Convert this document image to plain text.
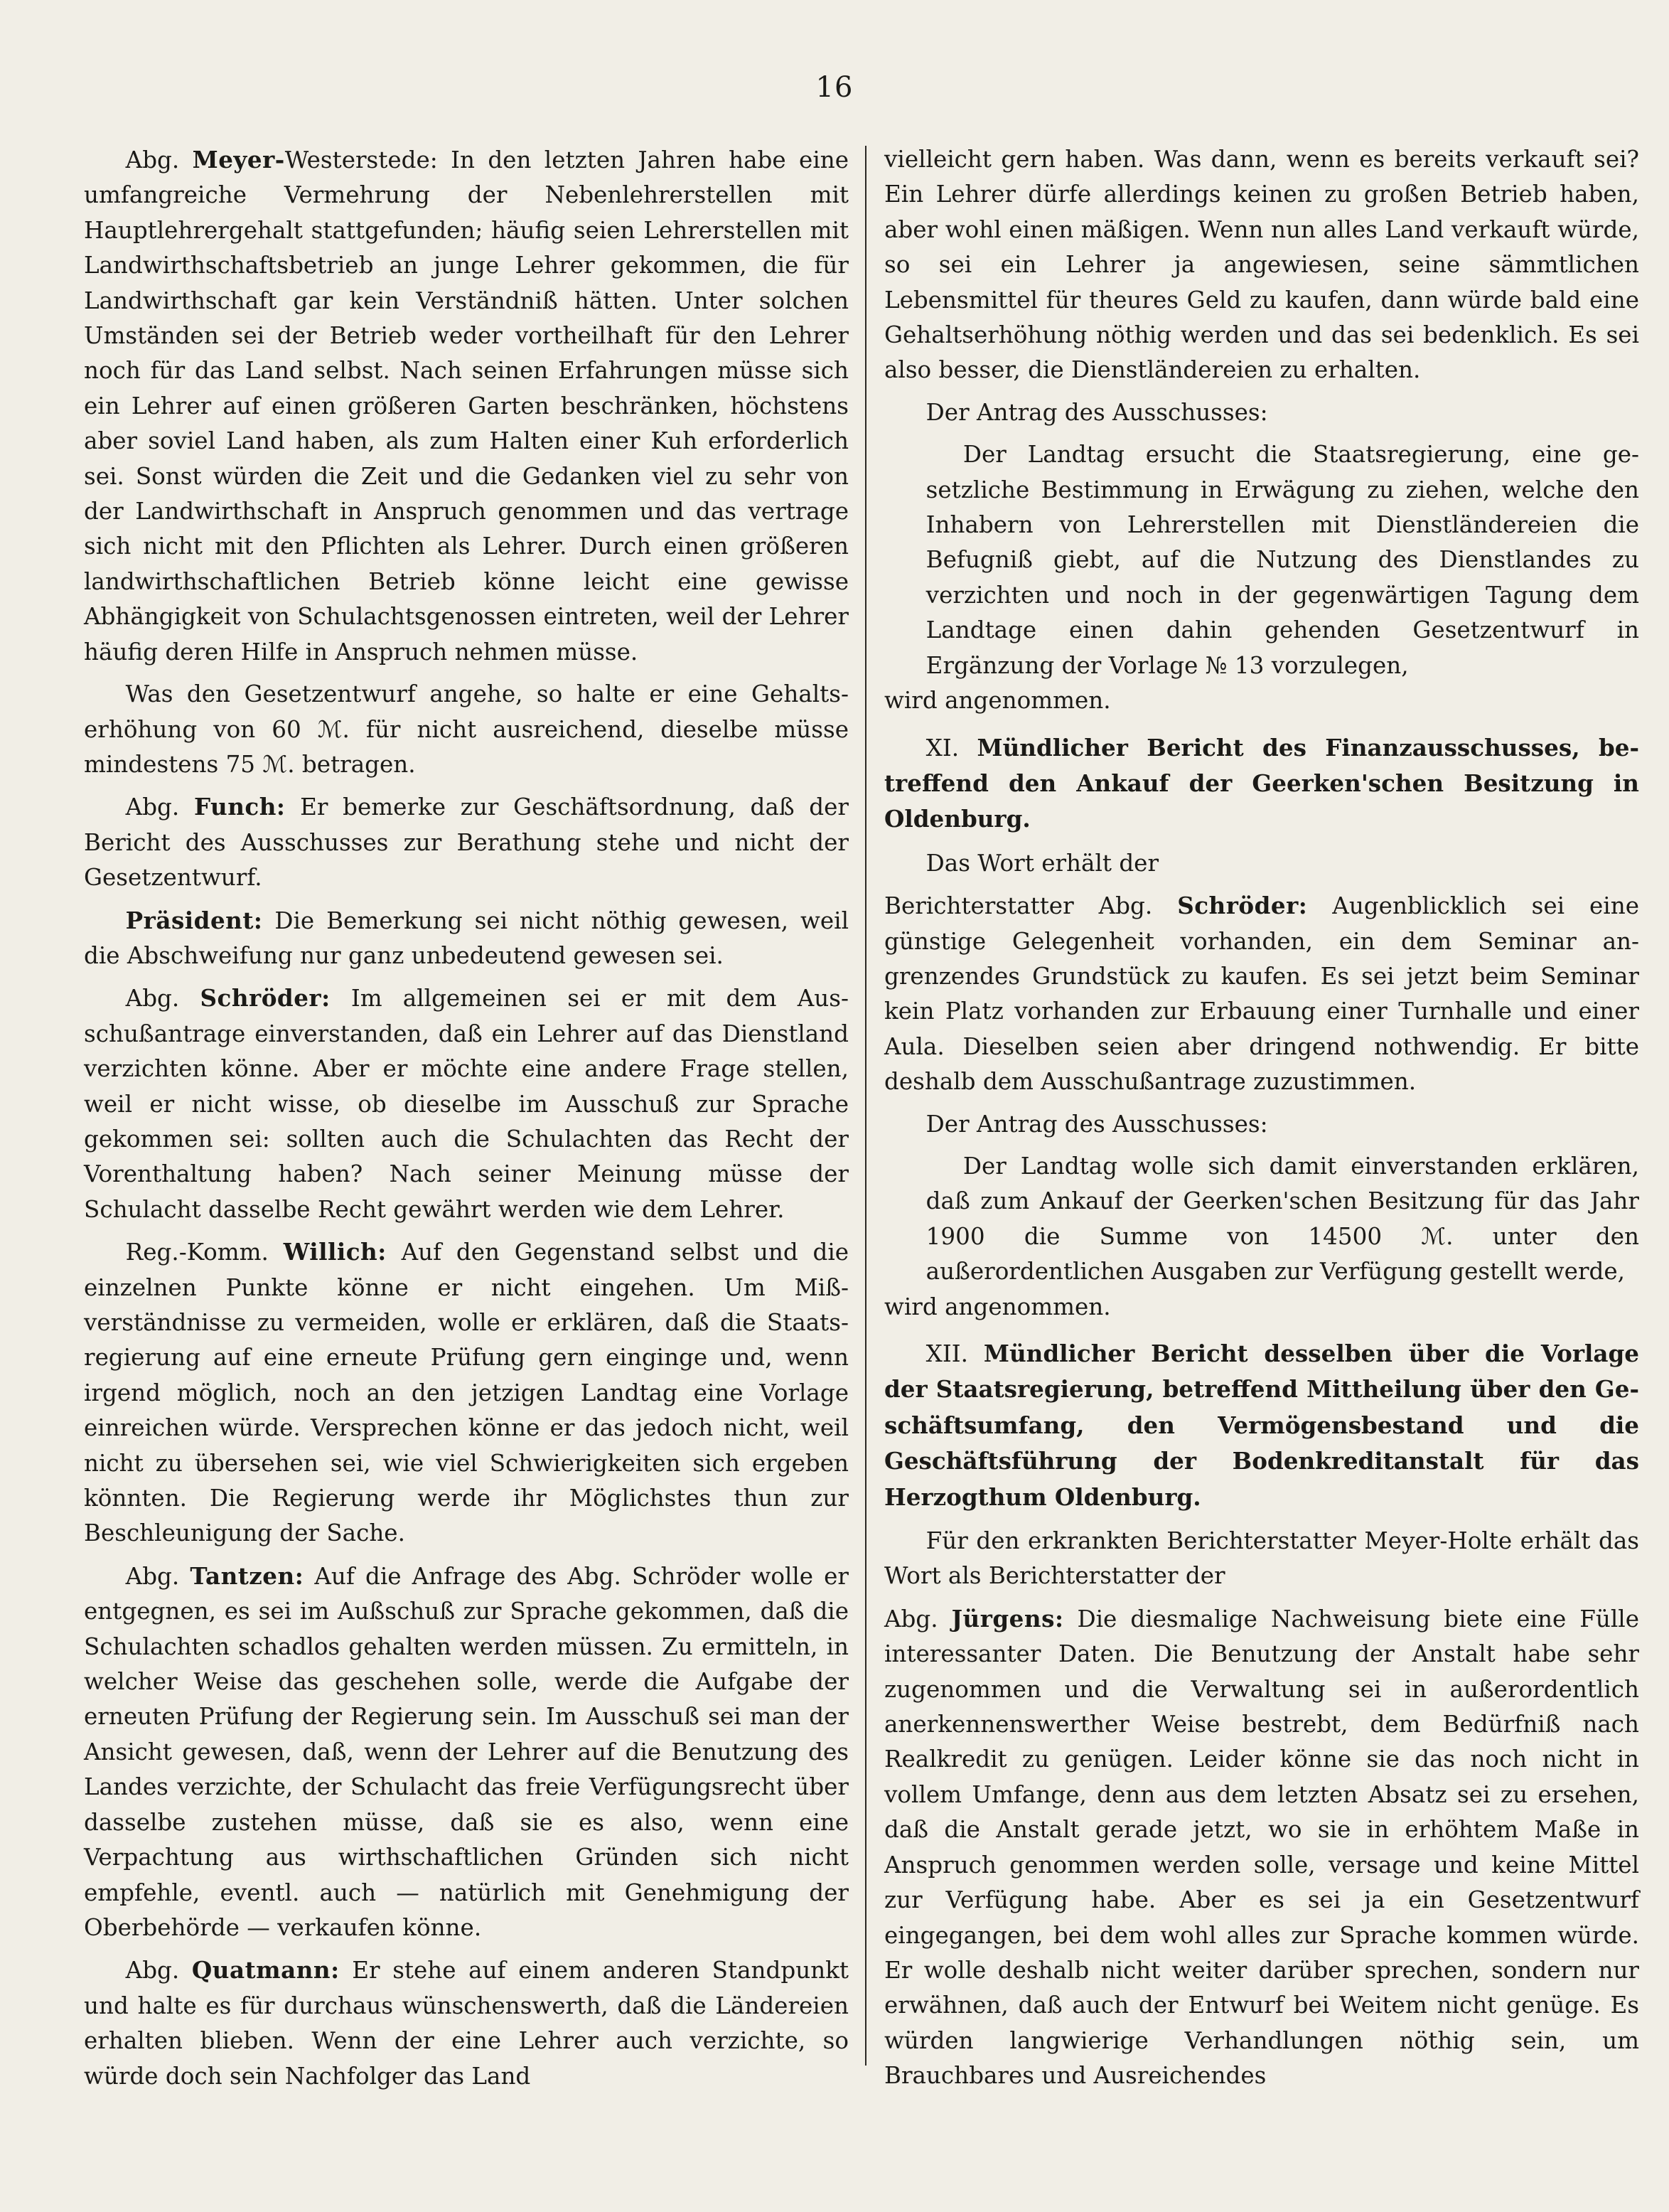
16

Abg. Meyer-Westerstede: In den letzten Jahren habe eine umfangreiche Vermehrung der Nebenlehrerstellen mit Hauptlehrergehalt stattgefunden; häufig seien Lehrerstellen mit Landwirthschaftsbetrieb an junge Lehrer gekommen, die für Landwirthschaft gar kein Verständniß hätten. Unter solchen Umständen sei der Betrieb weder vortheilhaft für den Lehrer noch für das Land selbst. Nach seinen Erfahrungen müsse sich ein Lehrer auf einen größeren Garten beschränken, höchstens aber soviel Land haben, als zum Halten einer Kuh erforderlich sei. Sonst würden die Zeit und die Gedanken viel zu sehr von der Landwirthschaft in Anspruch genommen und das vertrage sich nicht mit den Pflichten als Lehrer. Durch einen größeren landwirthschaftlichen Betrieb könne leicht eine gewisse Abhängigkeit von Schulachtsgenossen eintreten, weil der Lehrer häufig deren Hilfe in Anspruch nehmen müsse.

Was den Gesetzentwurf angehe, so halte er eine Gehaltserhöhung von 60 ℳ. für nicht ausreichend, dieselbe müsse mindestens 75 ℳ. betragen.

Abg. Funch: Er bemerke zur Geschäftsordnung, daß der Bericht des Ausschusses zur Berathung stehe und nicht der Gesetzentwurf.

Präsident: Die Bemerkung sei nicht nöthig gewesen, weil die Abschweifung nur ganz unbedeutend gewesen sei.

Abg. Schröder: Im allgemeinen sei er mit dem Ausschußantrage einverstanden, daß ein Lehrer auf das Dienstland verzichten könne. Aber er möchte eine andere Frage stellen, weil er nicht wisse, ob dieselbe im Ausschuß zur Sprache gekommen sei: sollten auch die Schulachten das Recht der Vorenthaltung haben? Nach seiner Meinung müsse der Schulacht dasselbe Recht gewährt werden wie dem Lehrer.

Reg.-Komm. Willich: Auf den Gegenstand selbst und die einzelnen Punkte könne er nicht eingehen. Um Mißverständnisse zu vermeiden, wolle er erklären, daß die Staatsregierung auf eine erneute Prüfung gern einginge und, wenn irgend möglich, noch an den jetzigen Landtag eine Vorlage einreichen würde. Versprechen könne er das jedoch nicht, weil nicht zu übersehen sei, wie viel Schwierigkeiten sich ergeben könnten. Die Regierung werde ihr Möglichstes thun zur Beschleunigung der Sache.

Abg. Tantzen: Auf die Anfrage des Abg. Schröder wolle er entgegnen, es sei im Außschuß zur Sprache gekommen, daß die Schulachten schadlos gehalten werden müssen. Zu ermitteln, in welcher Weise das geschehen solle, werde die Aufgabe der erneuten Prüfung der Regierung sein. Im Ausschuß sei man der Ansicht gewesen, daß, wenn der Lehrer auf die Benutzung des Landes verzichte, der Schulacht das freie Verfügungsrecht über dasselbe zustehen müsse, daß sie es also, wenn eine Verpachtung aus wirthschaftlichen Gründen sich nicht empfehle, eventl. auch — natürlich mit Genehmigung der Oberbehörde — verkaufen könne.

Abg. Quatmann: Er stehe auf einem anderen Standpunkt und halte es für durchaus wünschenswerth, daß die Ländereien erhalten blieben. Wenn der eine Lehrer auch verzichte, so würde doch sein Nachfolger das Land

vielleicht gern haben. Was dann, wenn es bereits verkauft sei? Ein Lehrer dürfe allerdings keinen zu großen Betrieb haben, aber wohl einen mäßigen. Wenn nun alles Land verkauft würde, so sei ein Lehrer ja angewiesen, seine sämmtlichen Lebensmittel für theures Geld zu kaufen, dann würde bald eine Gehaltserhöhung nöthig werden und das sei bedenklich. Es sei also besser, die Dienstländereien zu erhalten.

Der Antrag des Ausschusses:

Der Landtag ersucht die Staatsregierung, eine gesetzliche Bestimmung in Erwägung zu ziehen, welche den Inhabern von Lehrerstellen mit Dienstländereien die Befugniß giebt, auf die Nutzung des Dienstlandes zu verzichten und noch in der gegenwärtigen Tagung dem Landtage einen dahin gehenden Gesetzentwurf in Ergänzung der Vorlage № 13 vorzulegen,

wird angenommen.

XI. Mündlicher Bericht des Finanzausschusses, betreffend den Ankauf der Geerken'schen Besitzung in Oldenburg.

Das Wort erhält der

Berichterstatter Abg. Schröder: Augenblicklich sei eine günstige Gelegenheit vorhanden, ein dem Seminar angrenzendes Grundstück zu kaufen. Es sei jetzt beim Seminar kein Platz vorhanden zur Erbauung einer Turnhalle und einer Aula. Dieselben seien aber dringend nothwendig. Er bitte deshalb dem Ausschußantrage zuzustimmen.

Der Antrag des Ausschusses:

Der Landtag wolle sich damit einverstanden erklären, daß zum Ankauf der Geerken'schen Besitzung für das Jahr 1900 die Summe von 14500 ℳ. unter den außerordentlichen Ausgaben zur Verfügung gestellt werde,

wird angenommen.

XII. Mündlicher Bericht desselben über die Vorlage der Staatsregierung, betreffend Mittheilung über den Geschäftsumfang, den Vermögensbestand und die Geschäftsführung der Bodenkreditanstalt für das Herzogthum Oldenburg.

Für den erkrankten Berichterstatter Meyer-Holte erhält das Wort als Berichterstatter der

Abg. Jürgens: Die diesmalige Nachweisung biete eine Fülle interessanter Daten. Die Benutzung der Anstalt habe sehr zugenommen und die Verwaltung sei in außerordentlich anerkennenswerther Weise bestrebt, dem Bedürfniß nach Realkredit zu genügen. Leider könne sie das noch nicht in vollem Umfange, denn aus dem letzten Absatz sei zu ersehen, daß die Anstalt gerade jetzt, wo sie in erhöhtem Maße in Anspruch genommen werden solle, versage und keine Mittel zur Verfügung habe. Aber es sei ja ein Gesetzentwurf eingegangen, bei dem wohl alles zur Sprache kommen würde. Er wolle deshalb nicht weiter darüber sprechen, sondern nur erwähnen, daß auch der Entwurf bei Weitem nicht genüge. Es würden langwierige Verhandlungen nöthig sein, um Brauchbares und Ausreichendes
